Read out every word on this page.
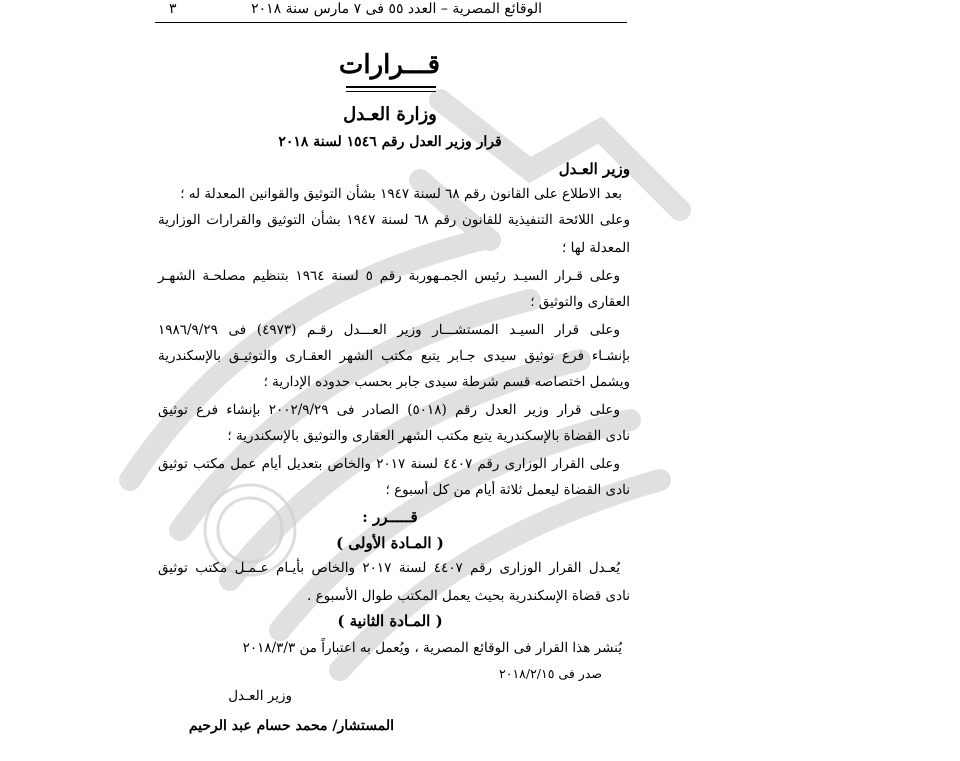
٣	الوقائع المصرية – العدد ٥٥ فى ٧ مارس سنة ٢٠١٨
قـــرارات
وزارة العـدل
قرار وزير العدل رقم ١٥٤٦ لسنة ٢٠١٨
وزير العـدل
بعد الاطلاع على القانون رقم ٦٨ لسنة ١٩٤٧ بشأن التوثيق والقوانين المعدلة له ؛
وعلى اللائحة التنفيذية للقانون رقم ٦٨ لسنة ١٩٤٧ بشأن التوثيق والقرارات الوزارية
المعدلة لها ؛
وعلى قـرار السيـد رئيس الجمـهوربة رقم ٥ لسنة ١٩٦٤ بتنظيم مصلحـة الشهـر
العقارى والتوثيق ؛
وعلى قرار السيـد المستشـــار وزير العـــدل رقـم (٤٩٧٣) فى ١٩٨٦/٩/٢٩
بإنشـاء فرع توثيق سيدى جـابر يتبع مكتب الشهر العقـارى والتوثيـق بالإسكندرية
ويشمل اختصاصه قسم شرطة سيدى جابر بحسب حدوده الإدارية ؛
وعلى قرار وزير العدل رقم (٥٠١٨) الصادر فى ٢٠٠٢/٩/٢٩ بإنشاء فرع توثيق
نادى القضاة بالإسكندرية يتبع مكتب الشهر العقارى والتوثيق بالإسكندرية ؛
وعلى القرار الوزارى رقم ٤٤٠٧ لسنة ٢٠١٧ والخاص بتعديل أيام عمل مكتب توثيق
نادى القضاة ليعمل ثلاثة أيام من كل أسبوع ؛
قـــــرر :
( المـادة الأولى )
يُعـدل القرار الوزارى رقم ٤٤٠٧ لسنة ٢٠١٧ والخاص بأيـام عـمـل مكتب توثيق
نادى قضاة الإسكندرية بحيث يعمل المكتب طوال الأسبوع .
( المـادة الثانية )
يُنشر هذا القرار فى الوقائع المصرية ، ويُعمل به اعتباراً من ٢٠١٨/٣/٣
صدر فى ٢٠١٨/٢/١٥
وزير العـدل
المستشار/ محمد حسام عبد الرحيم
